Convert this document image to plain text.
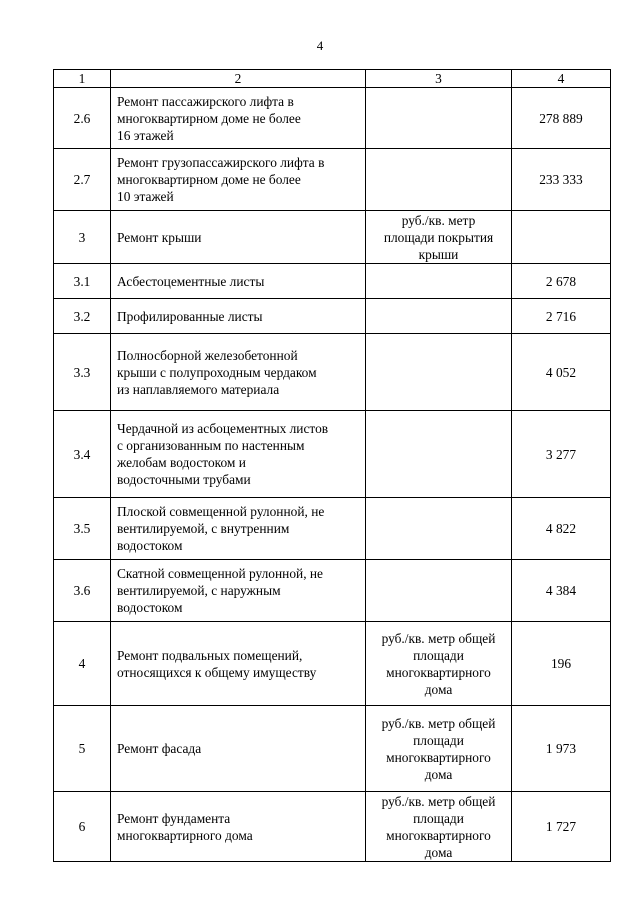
4
1	2	3	4
2.6	Ремонт пассажирского лифта в
многоквартирном доме не более
16 этажей		278 889
2.7	Ремонт грузопассажирского лифта в
многоквартирном доме не более
10 этажей		233 333
3	Ремонт крыши	руб./кв. метр
площади покрытия
крыши	

3.1	Асбестоцементные листы		2 678
3.2	Профилированные листы		2 716
3.3	Полносборной железобетонной
крыши с полупроходным чердаком
из наплавляемого материала		4 052
3.4	Чердачной из асбоцементных листов
с организованным по настенным
желобам водостоком и
водосточными трубами		3 277
3.5	Плоской совмещенной рулонной, не
вентилируемой, с внутренним
водостоком		4 822
3.6	Скатной совмещенной рулонной, не
вентилируемой, с наружным
водостоком		4 384
4	Ремонт подвальных помещений,
относящихся к общему имуществу	руб./кв. метр общей
площади
многоквартирного
дома	196
5	Ремонт фасада	руб./кв. метр общей
площади
многоквартирного
дома	1 973
6	Ремонт фундамента
многоквартирного дома	руб./кв. метр общей
площади
многоквартирного
дома	1 727
